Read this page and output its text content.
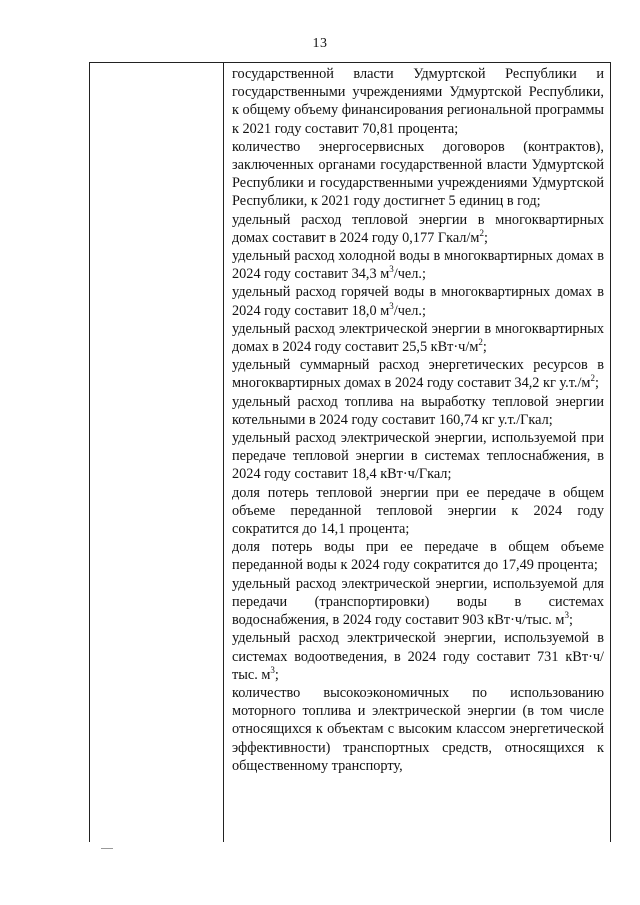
13

государственной власти Удмуртской Республики и государственными учреждениями Удмуртской Республики, к общему объему финансирования региональной программы к 2021 году составит 70,81 процента;

количество энергосервисных договоров (контрактов), заключенных органами государственной власти Удмуртской Республики и государственными учреждениями Удмуртской Республики, к 2021 году достигнет 5 единиц в год;

удельный расход тепловой энергии в многоквартирных домах составит в 2024 году 0,177 Гкал/$м^2$;

удельный расход холодной воды в многоквартирных домах в 2024 году составит 34,3 $м^3$/чел.;

удельный расход горячей воды в многоквартирных домах в 2024 году составит 18,0 $м^3$/чел.;

удельный расход электрической энергии в многоквартирных домах в 2024 году составит 25,5 $кВт\cdot ч/м^2$;

удельный суммарный расход энергетических ресурсов в многоквартирных домах в 2024 году составит 34,2 кг $у.т./м^2$;

удельный расход топлива на выработку тепловой энергии котельными в 2024 году составит 160,74 кг у.т./Гкал;

удельный расход электрической энергии, используемой при передаче тепловой энергии в системах теплоснабжения, в 2024 году составит 18,4 кВт·ч/Гкал;

доля потерь тепловой энергии при ее передаче в общем объеме переданной тепловой энергии к 2024 году сократится до 14,1 процента;

доля потерь воды при ее передаче в общем объеме переданной воды к 2024 году сократится до 17,49 процента;

удельный расход электрической энергии, используемой для передачи (транспортировки) воды в системах водоснабжения, в 2024 году составит 903 кВт·ч/тыс. $м^3$;

удельный расход электрической энергии, используемой в системах водоотведения, в 2024 году составит 731 кВт·ч/тыс. $м^3$;

количество высокоэкономичных по использованию моторного топлива и электрической энергии (в том числе относящихся к объектам с высоким классом энергетической эффективности) транспортных средств, относящихся к общественному транспорту,
